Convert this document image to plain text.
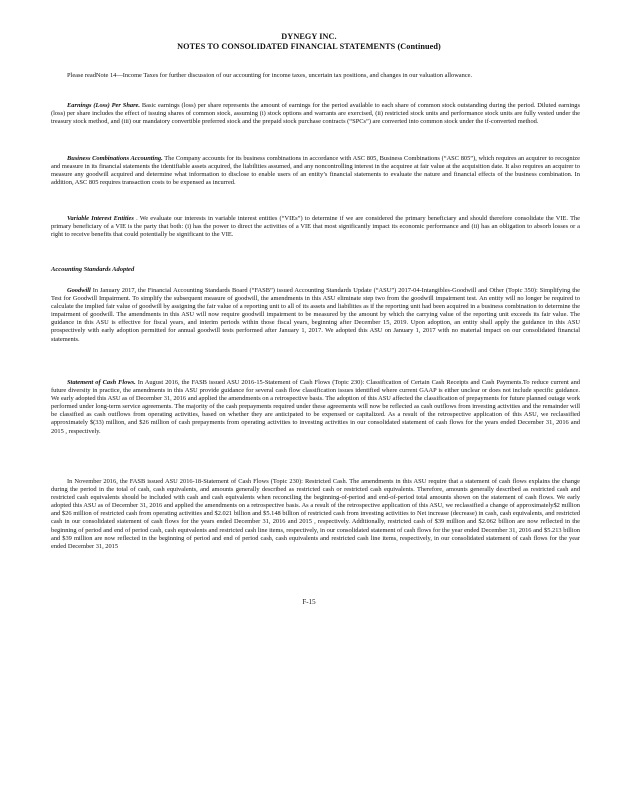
DYNEGY INC.
NOTES TO CONSOLIDATED FINANCIAL STATEMENTS (Continued)

Please readNote 14—Income Taxes for further discussion of our accounting for income taxes, uncertain tax positions, and changes in our valuation allowance.

Earnings (Loss) Per Share. Basic earnings (loss) per share represents the amount of earnings for the period available to each share of common stock outstanding during the period. Diluted earnings (loss) per share includes the effect of issuing shares of common stock, assuming (i) stock options and warrants are exercised, (ii) restricted stock units and performance stock units are fully vested under the treasury stock method, and (iii) our mandatory convertible preferred stock and the prepaid stock purchase contracts (“SPCs”) are converted into common stock under the if-converted method.

Business Combinations Accounting. The Company accounts for its business combinations in accordance with ASC 805, Business Combinations (“ASC 805”), which requires an acquirer to recognize and measure in its financial statements the identifiable assets acquired, the liabilities assumed, and any noncontrolling interest in the acquiree at fair value at the acquisition date. It also requires an acquirer to measure any goodwill acquired and determine what information to disclose to enable users of an entity’s financial statements to evaluate the nature and financial effects of the business combination. In addition, ASC 805 requires transaction costs to be expensed as incurred.

Variable Interest Entities . We evaluate our interests in variable interest entities (“VIEs”) to determine if we are considered the primary beneficiary and should therefore consolidate the VIE. The primary beneficiary of a VIE is the party that both: (i) has the power to direct the activities of a VIE that most significantly impact its economic performance and (ii) has an obligation to absorb losses or a right to receive benefits that could potentially be significant to the VIE.

Accounting Standards Adopted

Goodwill In January 2017, the Financial Accounting Standards Board (“FASB”) issued Accounting Standards Update (“ASU”) 2017-04-Intangibles-Goodwill and Other (Topic 350): Simplifying the Test for Goodwill Impairment. To simplify the subsequent measure of goodwill, the amendments in this ASU eliminate step two from the goodwill impairment test. An entity will no longer be required to calculate the implied fair value of goodwill by assigning the fair value of a reporting unit to all of its assets and liabilities as if the reporting unit had been acquired in a business combination to determine the impairment of goodwill. The amendments in this ASU will now require goodwill impairment to be measured by the amount by which the carrying value of the reporting unit exceeds its fair value. The guidance in this ASU is effective for fiscal years, and interim periods within those fiscal years, beginning after December 15, 2019. Upon adoption, an entity shall apply the guidance in this ASU prospectively with early adoption permitted for annual goodwill tests performed after January 1, 2017. We adopted this ASU on January 1, 2017 with no material impact on our consolidated financial statements.

Statement of Cash Flows. In August 2016, the FASB issued ASU 2016-15-Statement of Cash Flows (Topic 230): Classification of Certain Cash Receipts and Cash Payments.To reduce current and future diversity in practice, the amendments in this ASU provide guidance for several cash flow classification issues identified where current GAAP is either unclear or does not include specific guidance. We early adopted this ASU as of December 31, 2016 and applied the amendments on a retrospective basis. The adoption of this ASU affected the classification of prepayments for future planned outage work performed under long-term service agreements. The majority of the cash prepayments required under these agreements will now be reflected as cash outflows from investing activities and the remainder will be classified as cash outflows from operating activities, based on whether they are anticipated to be expensed or capitalized. As a result of the retrospective application of this ASU, we reclassified approximately $(33) million, and $26 million of cash prepayments from operating activities to investing activities in our consolidated statement of cash flows for the years ended December 31, 2016 and 2015 , respectively.

In November 2016, the FASB issued ASU 2016-18-Statement of Cash Flows (Topic 230): Restricted Cash. The amendments in this ASU require that a statement of cash flows explains the change during the period in the total of cash, cash equivalents, and amounts generally described as restricted cash or restricted cash equivalents. Therefore, amounts generally described as restricted cash and restricted cash equivalents should be included with cash and cash equivalents when reconciling the beginning-of-period and end-of-period total amounts shown on the statement of cash flows. We early adopted this ASU as of December 31, 2016 and applied the amendments on a retrospective basis. As a result of the retrospective application of this ASU, we reclassified a change of approximately$2 million and $26 million of restricted cash from operating activities and $2.021 billion and $5.148 billion of restricted cash from investing activities to Net increase (decrease) in cash, cash equivalents, and restricted cash in our consolidated statement of cash flows for the years ended December 31, 2016 and 2015 , respectively. Additionally, restricted cash of $39 million and $2.062 billion are now reflected in the beginning of period and end of period cash, cash equivalents and restricted cash line items, respectively, in our consolidated statement of cash flows for the year ended December 31, 2016 and $5.213 billion and $39 million are now reflected in the beginning of period and end of period cash, cash equivalents and restricted cash line items, respectively, in our consolidated statement of cash flows for the year ended December 31, 2015

F-15
